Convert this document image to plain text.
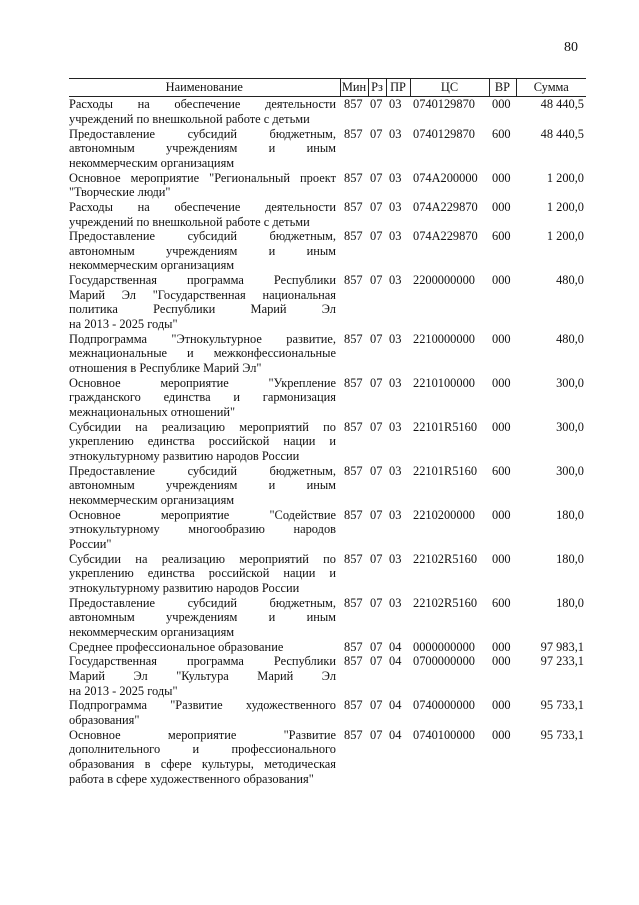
80
Наименование	Мин	Рз	ПР	ЦС	ВР	Сумма

Расходы на обеспечение деятельности
учреждений по внешкольной работе с детьми	857	07	03	0740129870	000	48 440,5

Предоставление субсидий бюджетным,
автономным учреждениям и иным
некоммерческим организациям	857	07	03	0740129870	600	48 440,5

Основное мероприятие "Региональный проект
"Творческие люди"	857	07	03	074A200000	000	1 200,0

Расходы на обеспечение деятельности
учреждений по внешкольной работе с детьми	857	07	03	074A229870	000	1 200,0

Предоставление субсидий бюджетным,
автономным учреждениям и иным
некоммерческим организациям	857	07	03	074A229870	600	1 200,0

Государственная программа Республики
Марий Эл "Государственная национальная
политика Республики Марий Эл
на 2013 - 2025 годы"	857	07	03	2200000000	000	480,0

Подпрограмма "Этнокультурное развитие,
межнациональные и межконфессиональные
отношения в Республике Марий Эл"	857	07	03	2210000000	000	480,0

Основное мероприятие "Укрепление
гражданского единства и гармонизация
межнациональных отношений"	857	07	03	2210100000	000	300,0

Субсидии на реализацию мероприятий по
укреплению единства российской нации и
этнокультурному развитию народов России	857	07	03	22101R5160	000	300,0

Предоставление субсидий бюджетным,
автономным учреждениям и иным
некоммерческим организациям	857	07	03	22101R5160	600	300,0

Основное мероприятие "Содействие
этнокультурному многообразию народов
России"	857	07	03	2210200000	000	180,0

Субсидии на реализацию мероприятий по
укреплению единства российской нации и
этнокультурному развитию народов России	857	07	03	22102R5160	000	180,0

Предоставление субсидий бюджетным,
автономным учреждениям и иным
некоммерческим организациям	857	07	03	22102R5160	600	180,0

Среднее профессиональное образование	857	07	04	0000000000	000	97 983,1

Государственная программа Республики
Марий Эл "Культура Марий Эл
на 2013 - 2025 годы"	857	07	04	0700000000	000	97 233,1

Подпрограмма "Развитие художественного
образования"	857	07	04	0740000000	000	95 733,1

Основное мероприятие "Развитие
дополнительного и профессионального
образования в сфере культуры, методическая
работа в сфере художественного образования"	857	07	04	0740100000	000	95 733,1
